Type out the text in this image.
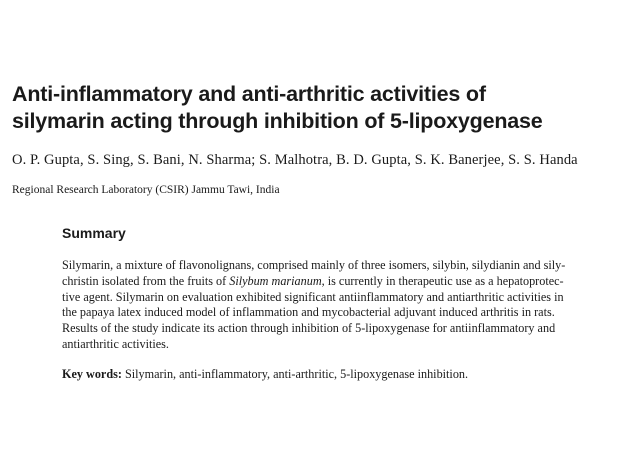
Anti-inflammatory and anti-arthritic activities of
silymarin acting through inhibition of 5-lipoxygenase

O. P. Gupta, S. Sing, S. Bani, N. Sharma; S. Malhotra, B. D. Gupta, S. K. Banerjee, S. S. Handa

Regional Research Laboratory (CSIR) Jammu Tawi, India

Summary
Silymarin, a mixture of flavonolignans, comprised mainly of three isomers, silybin, silydianin and sily-
christin isolated from the fruits of Silybum marianum, is currently in therapeutic use as a hepatoprotec-
tive agent. Silymarin on evaluation exhibited significant antiinflammatory and antiarthritic activities in
the papaya latex induced model of inflammation and mycobacterial adjuvant induced arthritis in rats.
Results of the study indicate its action through inhibition of 5-lipoxygenase for antiinflammatory and
antiarthritic activities.

Key words: Silymarin, anti-inflammatory, anti-arthritic, 5-lipoxygenase inhibition.
